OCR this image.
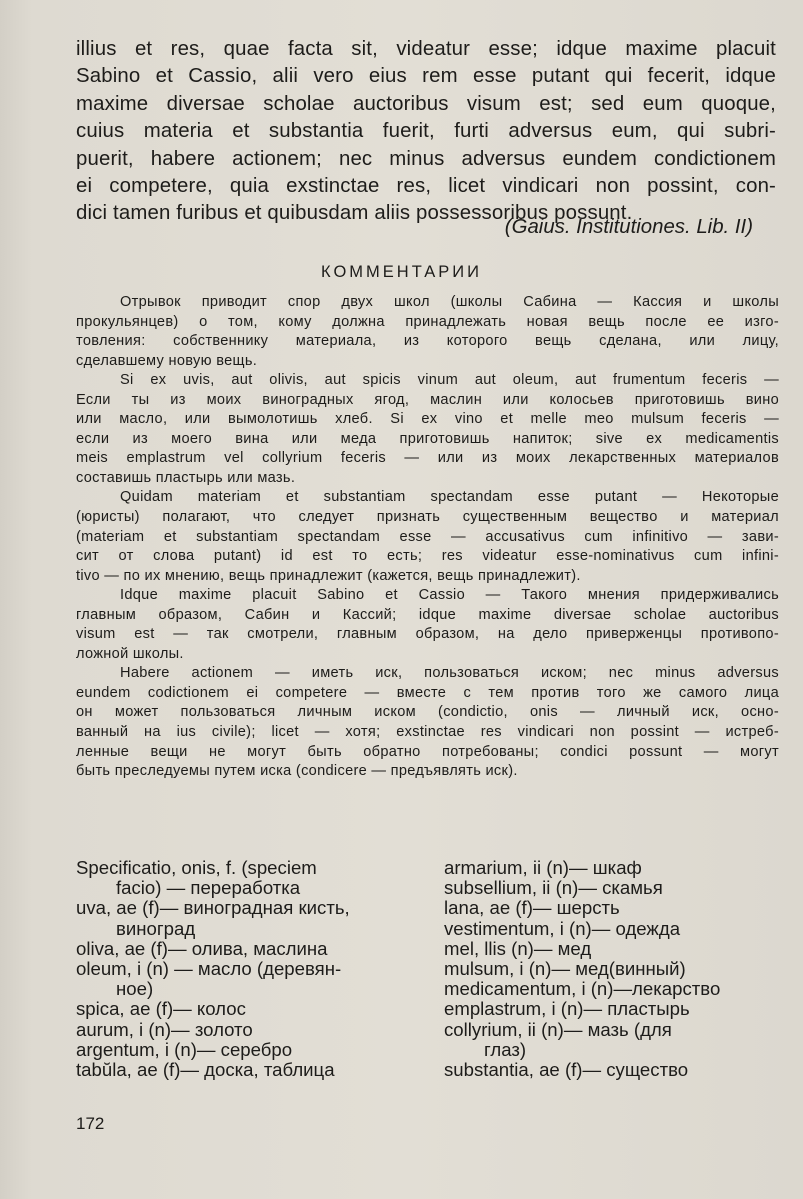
illius et res, quae facta sit, videatur esse; idque maxime placuit
Sabino et Cassio, alii vero eius rem esse putant qui fecerit, idque
maxime diversae scholae auctoribus visum est; sed eum quoque,
cuius materia et substantia fuerit, furti adversus eum, qui subri-
puerit, habere actionem; nec minus adversus eundem condictionem
ei competere, quia exstinctae res, licet vindicari non possint, con-
dici tamen furibus et quibusdam aliis possessoribus possunt.
(Gaius. Institutiones. Lib. II)
КОММЕНТАРИИ
Отрывок приводит спор двух школ (школы Сабина — Кассия и школы
прокульянцев) о том, кому должна принадлежать новая вещь после ее изго-
товления: собственнику материала, из которого вещь сделана, или лицу,
сделавшему новую вещь.
Si ex uvis, aut olivis, aut spicis vinum aut oleum, aut frumentum feceris —
Если ты из моих виноградных ягод, маслин или колосьев приготовишь вино
или масло, или вымолотишь хлеб. Si ex vino et melle meo mulsum feceris —
если из моего вина или меда приготовишь напиток; sive ex medicamentis
meis emplastrum vel collyrium feceris — или из моих лекарственных материалов
составишь пластырь или мазь.
Quidam materiam et substantiam spectandam esse putant — Некоторые
(юристы) полагают, что следует признать существенным веществo и материал
(materiam et substantiam spectandam esse — accusativus cum infinitivo — зави-
сит от слова putant) id est то есть; res videatur esse-nominativus cum infini-
tivo — по их мнению, вещь принадлежит (кажется, вещь принадлежит).
Idque maxime placuit Sabino et Cassio — Такого мнения придерживались
главным образом, Сабин и Кассий; idque maxime diversae scholae auctoribus
visum est — так смотрели, главным образом, на дело приверженцы противопо-
ложной школы.
Habere actionem — иметь иск, пользоваться иском; nec minus adversus
eundem codictionem ei competere — вместе с тем против того же самого лица
он может пользоваться личным иском (condictio, onis — личный иск, осно-
ванный на ius civile); licet — хотя; exstinctae res vindicari non possint — истреб-
ленные вещи не могут быть обратно потребованы; condici possunt — могут
быть преследуемы путем иска (condicere — предъявлять иск).
Specificatio, onis, f. (speciem
facio) — переработка
uva, ae (f)— виноградная кисть,
виноград
oliva, ae (f)— олива, маслина
oleum, i (n) — масло (деревян-
ное)
spica, ae (f)— колос
aurum, i (n)— золото
argentum, i (n)— серебро
tabŭla, ae (f)— доска, таблица
armarium, ii (n)— шкаф
subsellium, ii (n)— скамья
lana, ae (f)— шерсть
vestimentum, i (n)— одежда
mel, llis (n)— мед
mulsum, i (n)— мед(винный)
medicamentum, i (n)—лекарство
emplastrum, i (n)— пластырь
collyrium, ii (n)— мазь (для
глаз)
substantia, ae (f)— существо
172
